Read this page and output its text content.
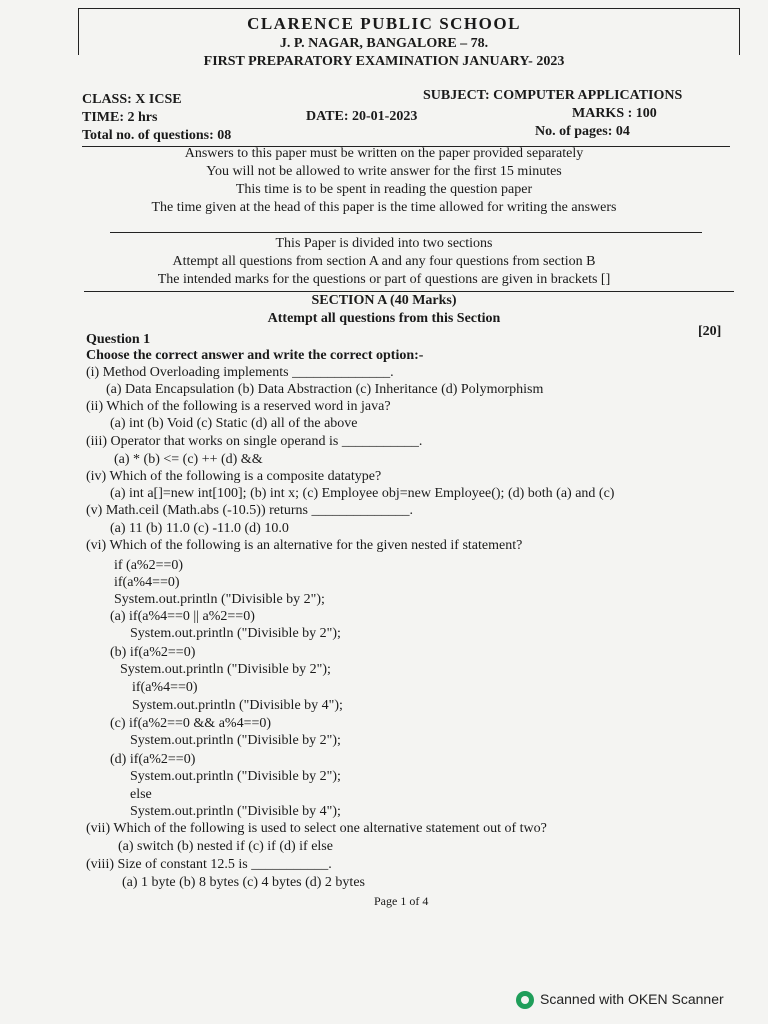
CLARENCE PUBLIC SCHOOL
J. P. NAGAR, BANGALORE – 78.
FIRST PREPARATORY EXAMINATION JANUARY- 2023
CLASS: X ICSE	SUBJECT: COMPUTER APPLICATIONS
TIME: 2 hrs	DATE: 20-01-2023	MARKS : 100
Total no. of questions: 08	No. of pages: 04
Answers to this paper must be written on the paper provided separately
You will not be allowed to write answer for the first 15 minutes
This time is to be spent in reading the question paper
The time given at the head of this paper is the time allowed for writing the answers
This Paper is divided into two sections
Attempt all questions from section A and any four questions from section B
The intended marks for the questions or part of questions are given in brackets []
SECTION A (40 Marks)
Attempt all questions from this Section
Question 1
[20]
Choose the correct answer and write the correct option:-
(i) Method Overloading implements ______________.
(a) Data Encapsulation (b) Data Abstraction (c) Inheritance (d) Polymorphism
(ii) Which of the following is a reserved word in java?
(a) int (b) Void (c) Static (d) all of the above
(iii) Operator that works on single operand is ___________.
(a) * (b) <= (c) ++ (d) &&
(iv) Which of the following is a composite datatype?
(a) int a[]=new int[100]; (b) int x; (c) Employee obj=new Employee(); (d) both (a) and (c)
(v) Math.ceil (Math.abs (-10.5)) returns ______________.
(a) 11 (b) 11.0 (c) -11.0 (d) 10.0
(vi) Which of the following is an alternative for the given nested if statement?
if (a%2==0)
if(a%4==0)
System.out.println ("Divisible by 2");
(a) if(a%4==0 || a%2==0)
System.out.println ("Divisible by 2");
(b) if(a%2==0)
System.out.println ("Divisible by 2");
if(a%4==0)
System.out.println ("Divisible by 4");
(c) if(a%2==0 && a%4==0)
System.out.println ("Divisible by 2");
(d) if(a%2==0)
System.out.println ("Divisible by 2");
else
System.out.println ("Divisible by 4");
(vii) Which of the following is used to select one alternative statement out of two?
(a) switch (b) nested if (c) if (d) if else
(viii) Size of constant 12.5 is ___________.
(a) 1 byte (b) 8 bytes (c) 4 bytes (d) 2 bytes
Page 1 of 4
Scanned with OKEN Scanner
